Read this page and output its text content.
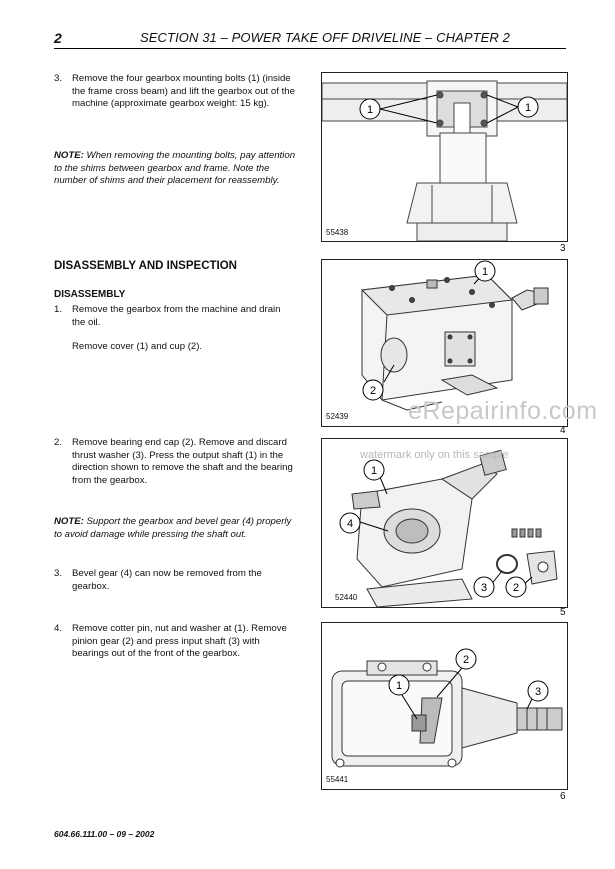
2	SECTION 31 – POWER TAKE OFF DRIVELINE – CHAPTER 2
3.	Remove the four gearbox mounting bolts (1) (inside the frame cross beam) and lift the gearbox out of the machine (approximate gearbox weight: 15 kg).
NOTE: When removing the mounting bolts, pay attention to the shims between gearbox and frame. Note the number of shims and their placement for reassembly.
DISASSEMBLY AND INSPECTION
DISASSEMBLY
1.	Remove the gearbox from the machine and drain the oil.
Remove cover (1) and cup (2).
2.	Remove bearing end cap (2). Remove and discard thrust washer (3). Press the output shaft (1) in the direction shown to remove the shaft and the bearing from the gearbox.
NOTE: Support the gearbox and bevel gear (4) properly to avoid damage while pressing the shaft out.
3.	Bevel gear (4) can now be removed from the gearbox.
4.	Remove cotter pin, nut and washer at (1). Remove pinion gear (2) and press input shaft (3) with bearings out of the front of the gearbox.
1	1
55438
3
1
2
52439
4
1
4
3 2
52440
5
2
1	3
55441
6
eRepairinfo.com
watermark only on this sample
604.66.111.00 – 09 – 2002
